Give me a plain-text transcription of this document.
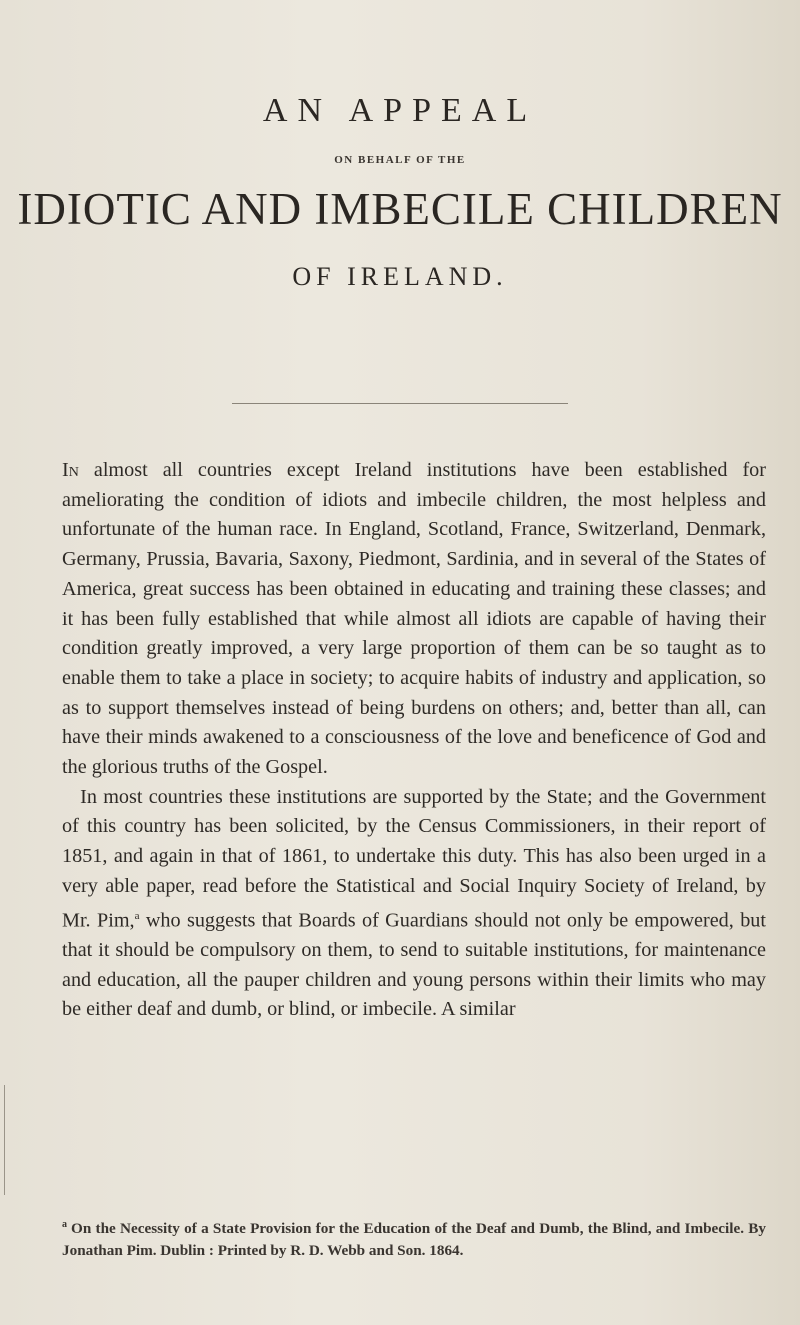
AN APPEAL
ON BEHALF OF THE
IDIOTIC AND IMBECILE CHILDREN
OF IRELAND.

In almost all countries except Ireland institutions have been established for ameliorating the condition of idiots and imbecile children, the most helpless and unfortunate of the human race. In England, Scotland, France, Switzerland, Denmark, Germany, Prussia, Bavaria, Saxony, Piedmont, Sardinia, and in several of the States of America, great success has been obtained in educating and training these classes; and it has been fully established that while almost all idiots are capable of having their condition greatly improved, a very large proportion of them can be so taught as to enable them to take a place in society; to acquire habits of industry and application, so as to support themselves instead of being burdens on others; and, better than all, can have their minds awakened to a consciousness of the love and beneficence of God and the glorious truths of the Gospel.

In most countries these institutions are supported by the State; and the Government of this country has been solicited, by the Census Commissioners, in their report of 1851, and again in that of 1861, to undertake this duty. This has also been urged in a very able paper, read before the Statistical and Social Inquiry Society of Ireland, by Mr. Pim,$^a$ who suggests that Boards of Guardians should not only be empowered, but that it should be compulsory on them, to send to suitable institutions, for maintenance and education, all the pauper children and young persons within their limits who may be either deaf and dumb, or blind, or imbecile. A similar

$^a$ On the Necessity of a State Provision for the Education of the Deaf and Dumb, the Blind, and Imbecile. By Jonathan Pim. Dublin : Printed by R. D. Webb and Son. 1864.
